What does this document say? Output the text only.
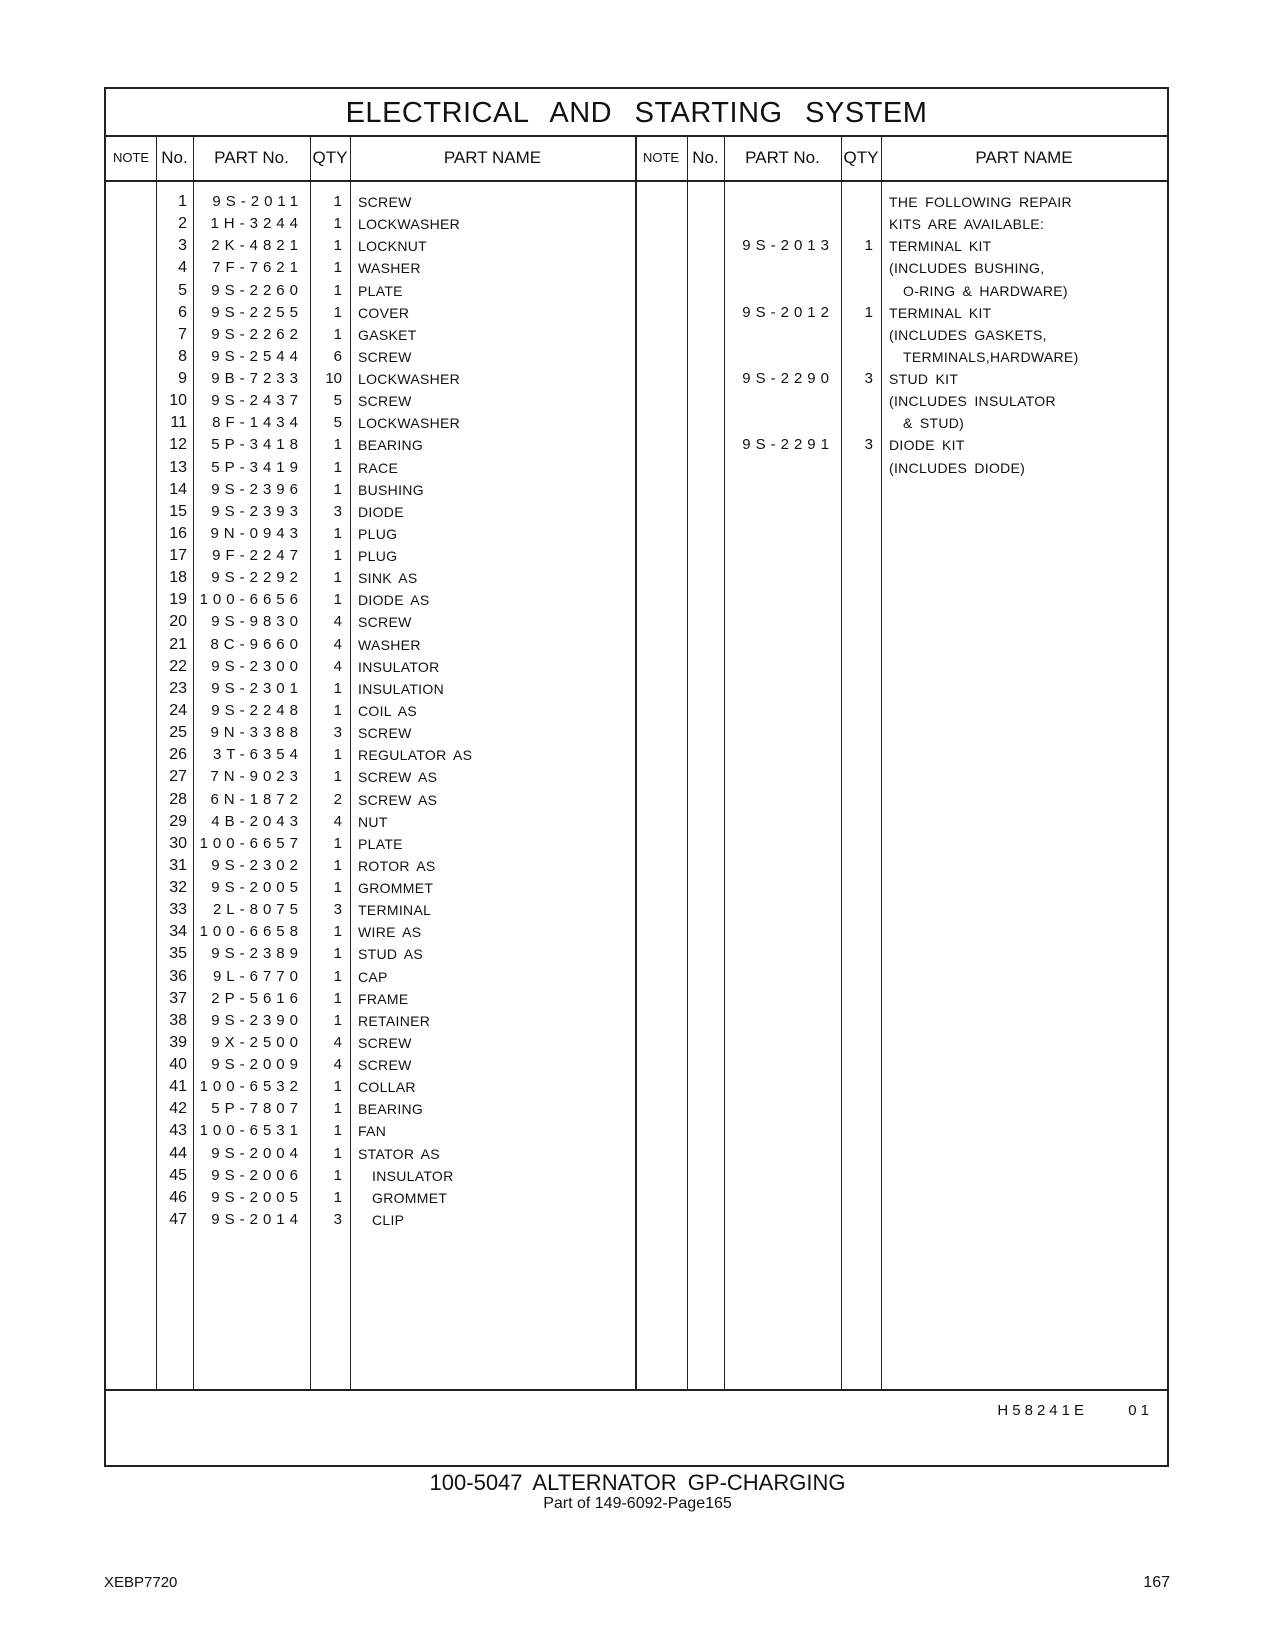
ELECTRICAL AND STARTING SYSTEM
NOTE No.	PART No.	QTY	PART NAME	NOTE No.	PART No.	QTY	PART NAME
1	9S-2011	1 SCREW
2	1H-3244	1 LOCKWASHER
3	2K-4821	1 LOCKNUT
4	7F-7621	1 WASHER
5	9S-2260	1 PLATE
6	9S-2255	1 COVER
7	9S-2262	1 GASKET
8	9S-2544	6 SCREW
9	9B-7233	10 LOCKWASHER
10	9S-2437	5 SCREW
11	8F-1434	5 LOCKWASHER
12	5P-3418	1 BEARING
13	5P-3419	1 RACE
14	9S-2396	1 BUSHING
15	9S-2393	3 DIODE
16	9N-0943	1 PLUG
17	9F-2247	1 PLUG
18	9S-2292	1 SINK AS
19 100-6656	1 DIODE AS
20	9S-9830	4 SCREW
21	8C-9660	4 WASHER
22	9S-2300	4 INSULATOR
23	9S-2301	1 INSULATION
24	9S-2248	1 COIL AS
25	9N-3388	3 SCREW
26	3T-6354	1 REGULATOR AS
27	7N-9023	1 SCREW AS
28	6N-1872	2 SCREW AS
29	4B-2043	4 NUT
30 100-6657	1 PLATE
31	9S-2302	1 ROTOR AS
32	9S-2005	1 GROMMET
33	2L-8075	3 TERMINAL
34 100-6658	1 WIRE AS
35	9S-2389	1 STUD AS
36	9L-6770	1 CAP
37	2P-5616	1 FRAME
38	9S-2390	1 RETAINER
39	9X-2500	4 SCREW
40	9S-2009	4 SCREW
41 100-6532	1 COLLAR
42	5P-7807	1 BEARING
43 100-6531	1 FAN
44	9S-2004	1 STATOR AS
45	9S-2006	1 INSULATOR
46	9S-2005	1 GROMMET
47	9S-2014	3 CLIP
THE FOLLOWING REPAIR
KITS ARE AVAILABLE:
9S-2013	1 TERMINAL KIT
(INCLUDES BUSHING,
O-RING & HARDWARE)
9S-2012	1 TERMINAL KIT
(INCLUDES GASKETS,
TERMINALS,HARDWARE)
9S-2290	3 STUD KIT
(INCLUDES INSULATOR
& STUD)
9S-2291	3 DIODE KIT
(INCLUDES DIODE)
H58241E  01
100-5047 ALTERNATOR GP-CHARGING
Part of 149-6092-Page165
XEBP7720	167
